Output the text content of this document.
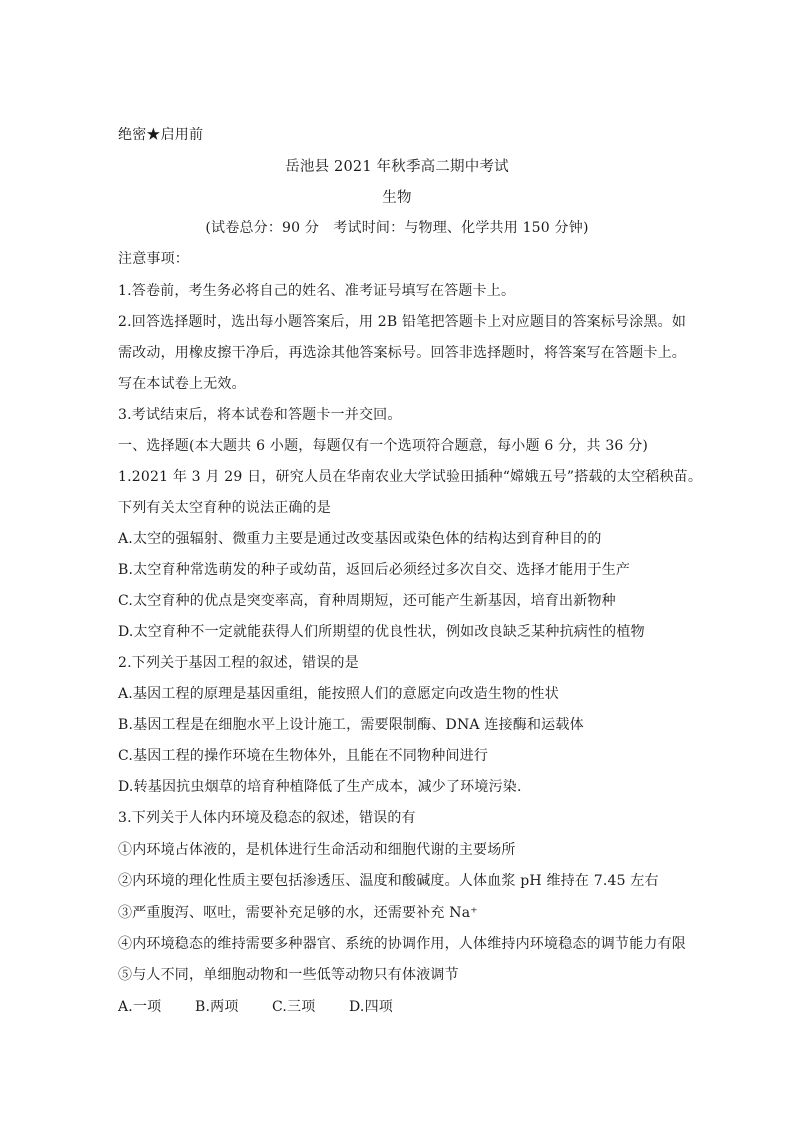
绝密★启用前
岳池县 2021 年秋季高二期中考试
生物
(试卷总分：90 分　考试时间：与物理、化学共用 150 分钟)
注意事项：
1.答卷前，考生务必将自己的姓名、准考证号填写在答题卡上。
2.回答选择题时，选出每小题答案后，用 2B 铅笔把答题卡上对应题目的答案标号涂黑。如
需改动，用橡皮擦干净后，再选涂其他答案标号。回答非选择题时，将答案写在答题卡上。
写在本试卷上无效。
3.考试结束后，将本试卷和答题卡一并交回。
一、选择题(本大题共 6 小题，每题仅有一个选项符合题意，每小题 6 分，共 36 分)
1.2021 年 3 月 29 日，研究人员在华南农业大学试验田插种“嫦娥五号”搭载的太空稻秧苗。
下列有关太空育种的说法正确的是
A.太空的强辐射、微重力主要是通过改变基因或染色体的结构达到育种目的的
B.太空育种常选萌发的种子或幼苗，返回后必须经过多次自交、选择才能用于生产
C.太空育种的优点是突变率高，育种周期短，还可能产生新基因，培育出新物种
D.太空育种不一定就能获得人们所期望的优良性状，例如改良缺乏某种抗病性的植物
2.下列关于基因工程的叙述，错误的是
A.基因工程的原理是基因重组，能按照人们的意愿定向改造生物的性状
B.基因工程是在细胞水平上设计施工，需要限制酶、DNA 连接酶和运载体
C.基因工程的操作环境在生物体外，且能在不同物种间进行
D.转基因抗虫烟草的培育种植降低了生产成本，减少了环境污染.
3.下列关于人体内环境及稳态的叙述，错误的有
①内环境占体液的，是机体进行生命活动和细胞代谢的主要场所
②内环境的理化性质主要包括渗透压、温度和酸碱度。人体血浆 pH 维持在 7.45 左右
③严重腹泻、呕吐，需要补充足够的水，还需要补充 Na⁺
④内环境稳态的维持需要多种器官、系统的协调作用，人体维持内环境稳态的调节能力有限
⑤与人不同，单细胞动物和一些低等动物只有体液调节
A.一项	B.两项	C.三项	D.四项
